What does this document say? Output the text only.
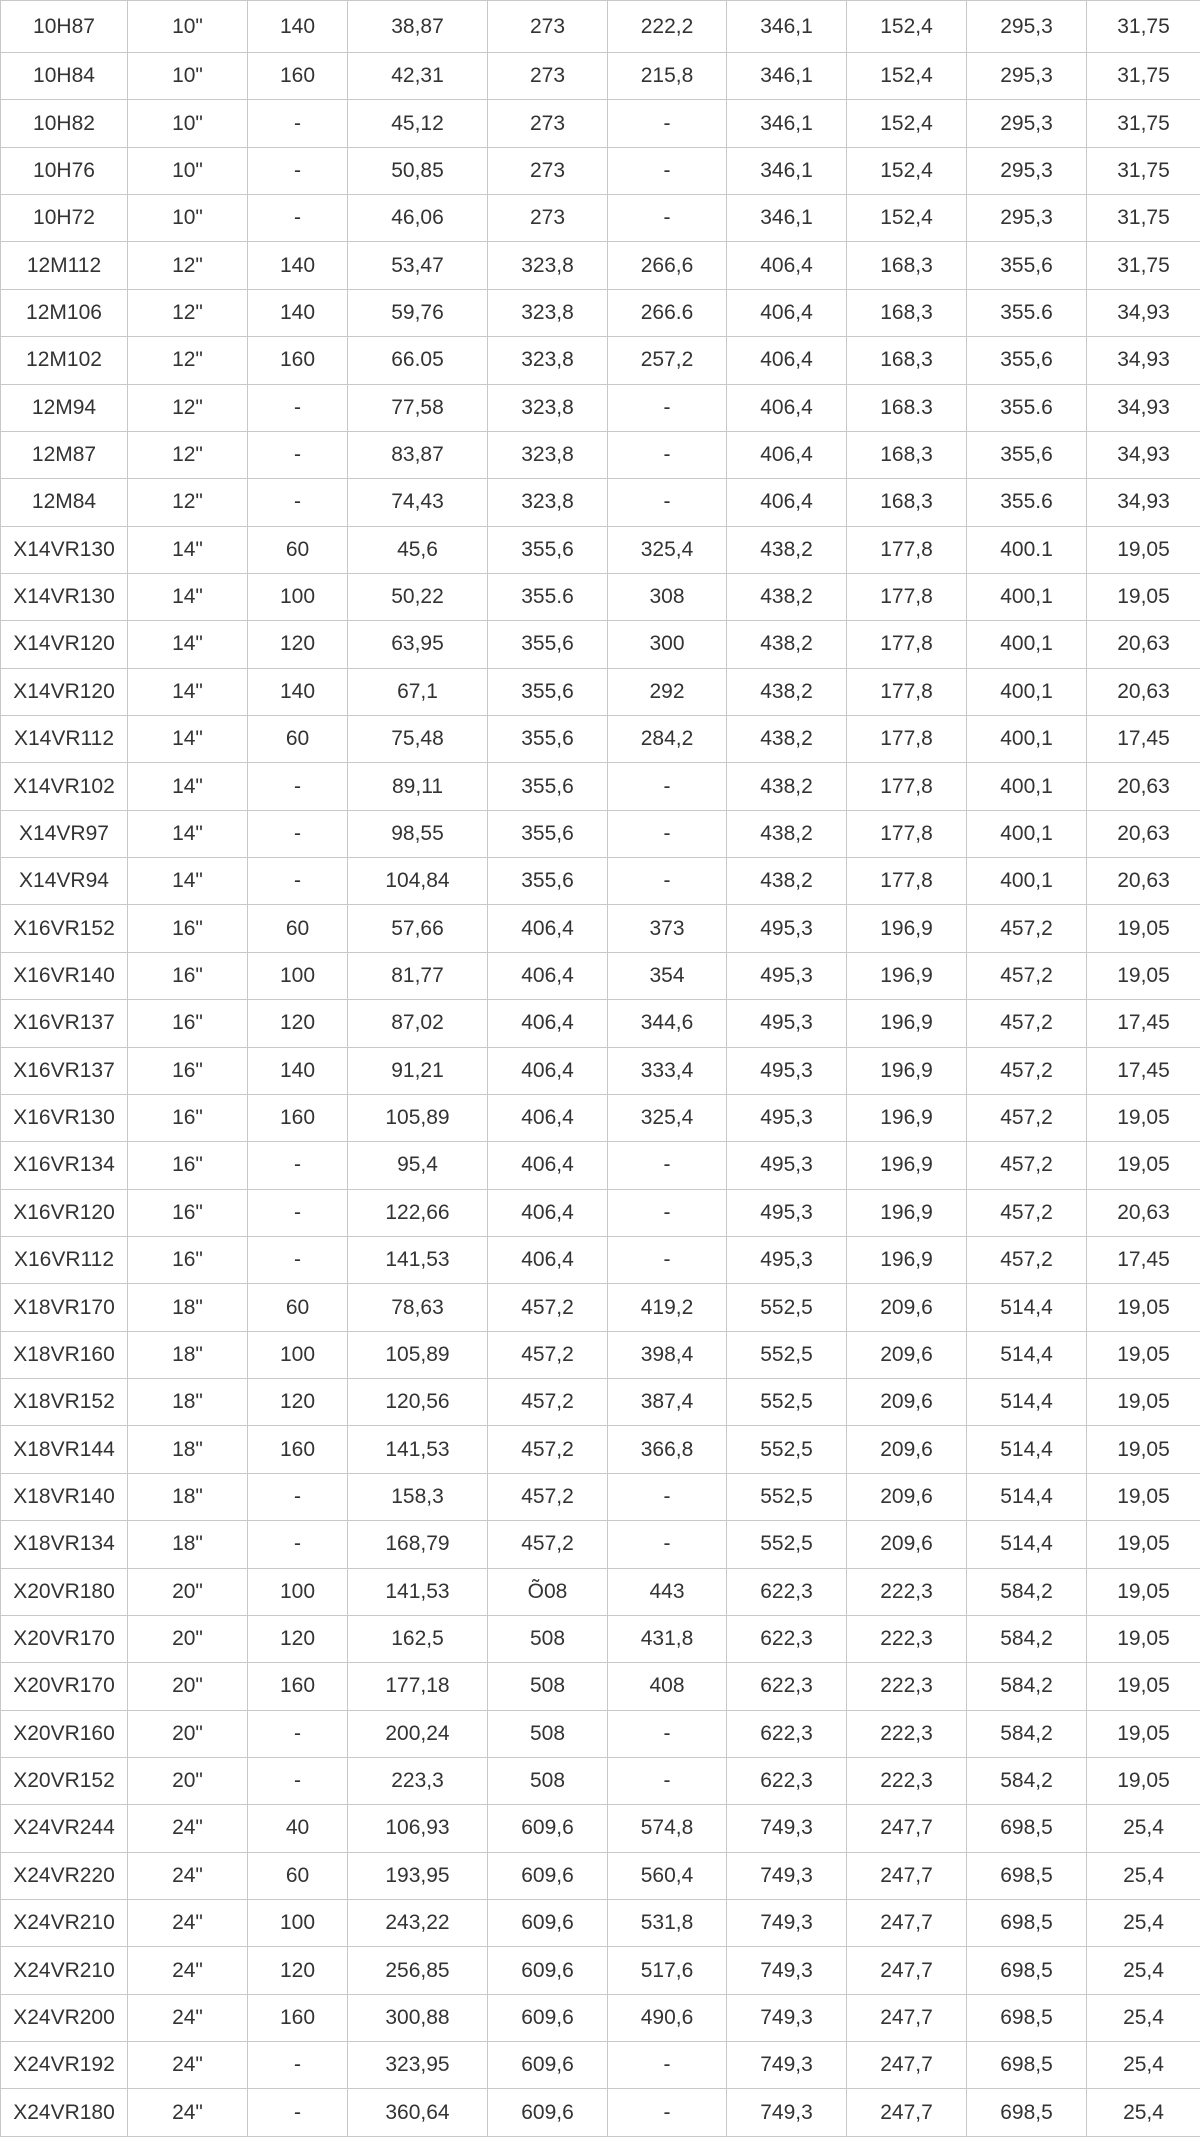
10H87	10"	140	38,87	273	222,2	346,1	152,4	295,3	31,75
10H84	10"	160	42,31	273	215,8	346,1	152,4	295,3	31,75
10H82	10"	-	45,12	273	-	346,1	152,4	295,3	31,75
10H76	10"	-	50,85	273	-	346,1	152,4	295,3	31,75
10H72	10"	-	46,06	273	-	346,1	152,4	295,3	31,75
12M112	12"	140	53,47	323,8	266,6	406,4	168,3	355,6	31,75
12M106	12"	140	59,76	323,8	266.6	406,4	168,3	355.6	34,93
12M102	12"	160	66.05	323,8	257,2	406,4	168,3	355,6	34,93
12M94	12"	-	77,58	323,8	-	406,4	168.3	355.6	34,93
12M87	12"	-	83,87	323,8	-	406,4	168,3	355,6	34,93
12M84	12"	-	74,43	323,8	-	406,4	168,3	355.6	34,93
X14VR130	14"	60	45,6	355,6	325,4	438,2	177,8	400.1	19,05
X14VR130	14"	100	50,22	355.6	308	438,2	177,8	400,1	19,05
X14VR120	14"	120	63,95	355,6	300	438,2	177,8	400,1	20,63
X14VR120	14"	140	67,1	355,6	292	438,2	177,8	400,1	20,63
X14VR112	14"	60	75,48	355,6	284,2	438,2	177,8	400,1	17,45
X14VR102	14"	-	89,11	355,6	-	438,2	177,8	400,1	20,63
X14VR97	14"	-	98,55	355,6	-	438,2	177,8	400,1	20,63
X14VR94	14"	-	104,84	355,6	-	438,2	177,8	400,1	20,63
X16VR152	16"	60	57,66	406,4	373	495,3	196,9	457,2	19,05
X16VR140	16"	100	81,77	406,4	354	495,3	196,9	457,2	19,05
X16VR137	16"	120	87,02	406,4	344,6	495,3	196,9	457,2	17,45
X16VR137	16"	140	91,21	406,4	333,4	495,3	196,9	457,2	17,45
X16VR130	16"	160	105,89	406,4	325,4	495,3	196,9	457,2	19,05
X16VR134	16"	-	95,4	406,4	-	495,3	196,9	457,2	19,05
X16VR120	16"	-	122,66	406,4	-	495,3	196,9	457,2	20,63
X16VR112	16"	-	141,53	406,4	-	495,3	196,9	457,2	17,45
X18VR170	18"	60	78,63	457,2	419,2	552,5	209,6	514,4	19,05
X18VR160	18"	100	105,89	457,2	398,4	552,5	209,6	514,4	19,05
X18VR152	18"	120	120,56	457,2	387,4	552,5	209,6	514,4	19,05
X18VR144	18"	160	141,53	457,2	366,8	552,5	209,6	514,4	19,05
X18VR140	18"	-	158,3	457,2	-	552,5	209,6	514,4	19,05
X18VR134	18"	-	168,79	457,2	-	552,5	209,6	514,4	19,05
X20VR180	20"	100	141,53	Õ08	443	622,3	222,3	584,2	19,05
X20VR170	20"	120	162,5	508	431,8	622,3	222,3	584,2	19,05
X20VR170	20"	160	177,18	508	408	622,3	222,3	584,2	19,05
X20VR160	20"	-	200,24	508	-	622,3	222,3	584,2	19,05
X20VR152	20"	-	223,3	508	-	622,3	222,3	584,2	19,05
X24VR244	24"	40	106,93	609,6	574,8	749,3	247,7	698,5	25,4
X24VR220	24"	60	193,95	609,6	560,4	749,3	247,7	698,5	25,4
X24VR210	24"	100	243,22	609,6	531,8	749,3	247,7	698,5	25,4
X24VR210	24"	120	256,85	609,6	517,6	749,3	247,7	698,5	25,4
X24VR200	24"	160	300,88	609,6	490,6	749,3	247,7	698,5	25,4
X24VR192	24"	-	323,95	609,6	-	749,3	247,7	698,5	25,4
X24VR180	24"	-	360,64	609,6	-	749,3	247,7	698,5	25,4
